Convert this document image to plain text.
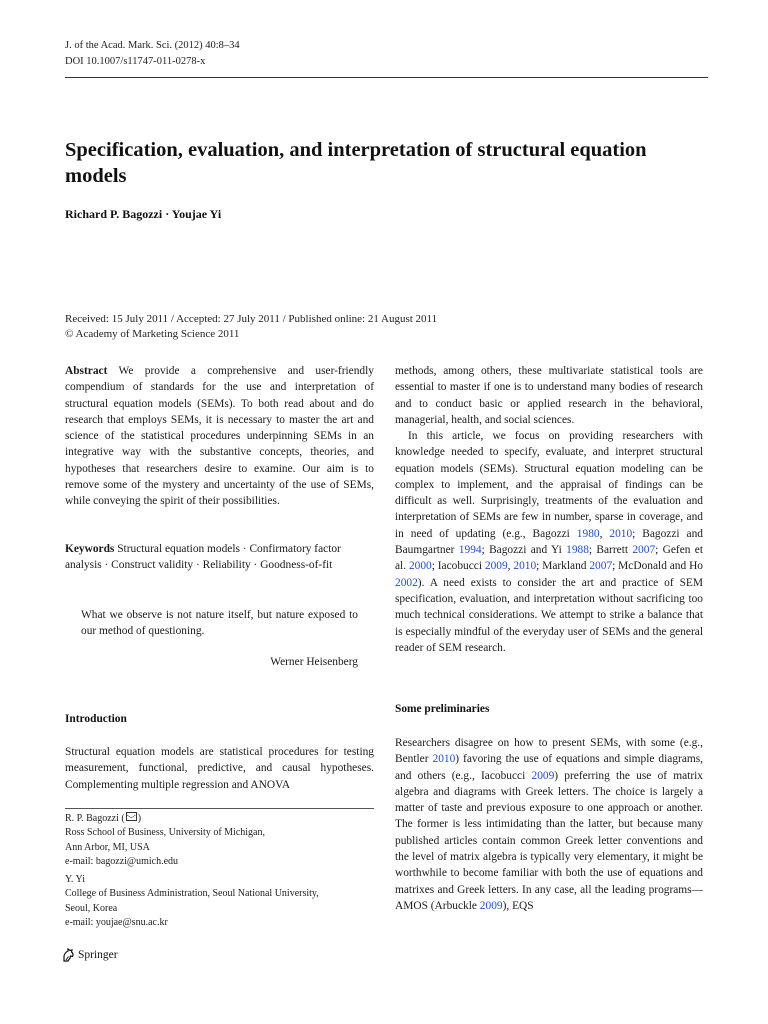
J. of the Acad. Mark. Sci. (2012) 40:8–34
DOI 10.1007/s11747-011-0278-x
Specification, evaluation, and interpretation of structural equation models
Richard P. Bagozzi · Youjae Yi
Received: 15 July 2011 / Accepted: 27 July 2011 / Published online: 21 August 2011
© Academy of Marketing Science 2011

Abstract We provide a comprehensive and user-friendly compendium of standards for the use and interpretation of structural equation models (SEMs). To both read about and do research that employs SEMs, it is necessary to master the art and science of the statistical procedures underpinning SEMs in an integrative way with the substantive concepts, theories, and hypotheses that researchers desire to examine. Our aim is to remove some of the mystery and uncertainty of the use of SEMs, while conveying the spirit of their possibilities.

Keywords Structural equation models · Confirmatory factor analysis · Construct validity · Reliability · Goodness-of-fit

What we observe is not nature itself, but nature exposed to our method of questioning.
Werner Heisenberg
Introduction

Structural equation models are statistical procedures for testing measurement, functional, predictive, and causal hypotheses. Complementing multiple regression and ANOVA

R. P. Bagozzi ( )
Ross School of Business, University of Michigan,
Ann Arbor, MI, USA
e-mail: bagozzi@umich.edu
Y. Yi
College of Business Administration, Seoul National University,
Seoul, Korea
e-mail: youjae@snu.ac.kr

methods, among others, these multivariate statistical tools are essential to master if one is to understand many bodies of research and to conduct basic or applied research in the behavioral, managerial, health, and social sciences.

In this article, we focus on providing researchers with knowledge needed to specify, evaluate, and interpret structural equation models (SEMs). Structural equation modeling can be complex to implement, and the appraisal of findings can be difficult as well. Surprisingly, treatments of the evaluation and interpretation of SEMs are few in number, sparse in coverage, and in need of updating (e.g., Bagozzi 1980, 2010; Bagozzi and Baumgartner 1994; Bagozzi and Yi 1988; Barrett 2007; Gefen et al. 2000; Iacobucci 2009, 2010; Markland 2007; McDonald and Ho 2002). A need exists to consider the art and practice of SEM specification, evaluation, and interpretation without sacrificing too much technical considerations. We attempt to strike a balance that is especially mindful of the everyday user of SEMs and the general reader of SEM research.

Some preliminaries

Researchers disagree on how to present SEMs, with some (e.g., Bentler 2010) favoring the use of equations and simple diagrams, and others (e.g., Iacobucci 2009) preferring the use of matrix algebra and diagrams with Greek letters. The choice is largely a matter of taste and previous exposure to one approach or another. The former is less intimidating than the latter, but because many published articles contain common Greek letter conventions and the level of matrix algebra is typically very elementary, it might be worthwhile to become familiar with both the use of equations and matrixes and Greek letters. In any case, all the leading programs—AMOS (Arbuckle 2009), EQS

Springer
